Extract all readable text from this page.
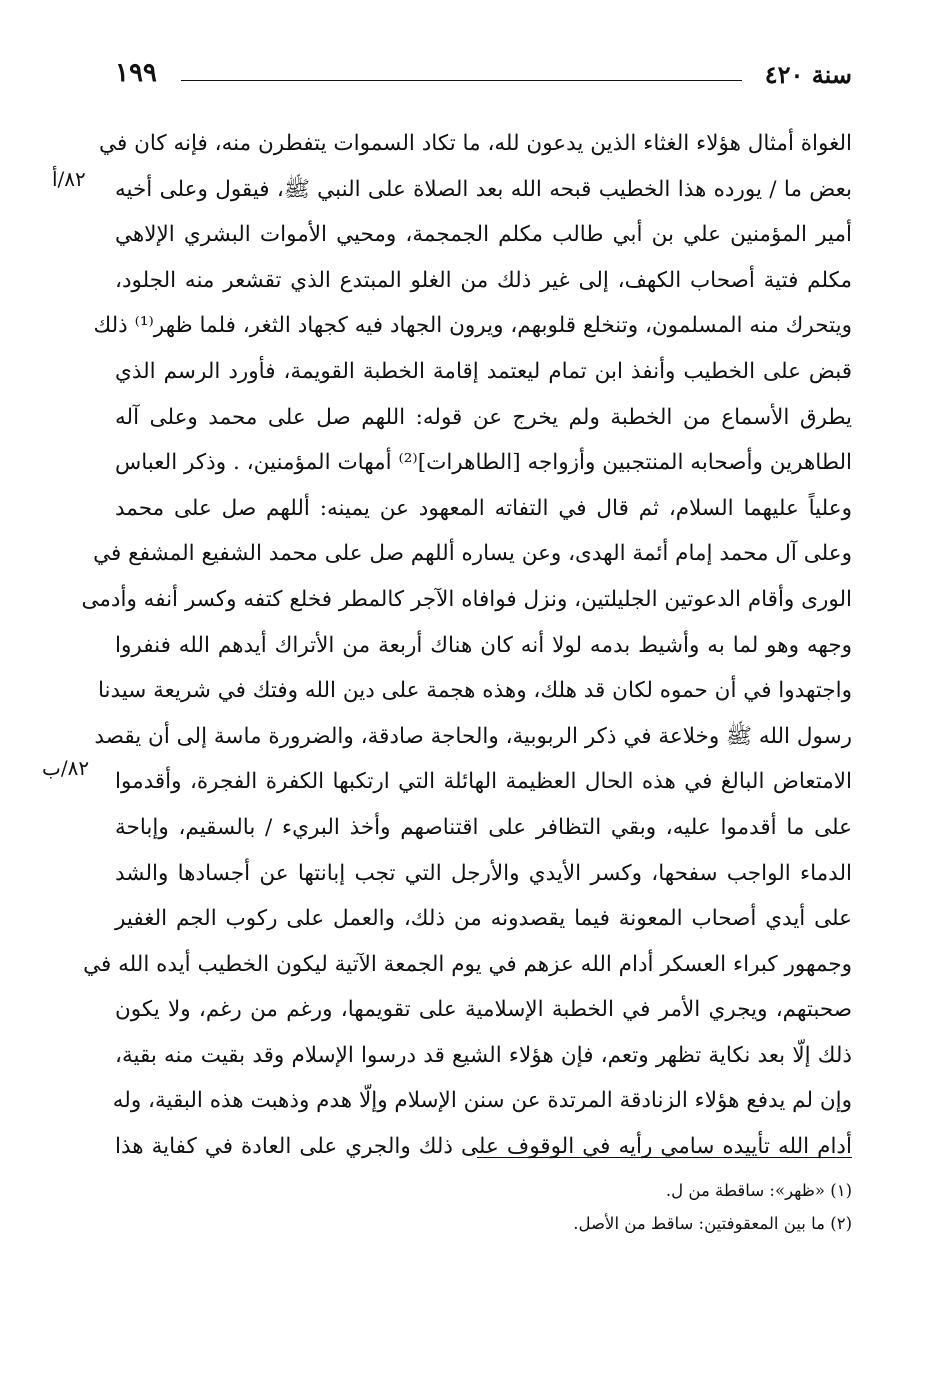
١٩٩	سنة ٤٢٠
٨٢/أ
٨٢/ب
الغواة أمثال هؤلاء الغثاء الذين يدعون لله، ما تكاد السموات يتفطرن منه، فإنه كان في
بعض ما / يورده هذا الخطيب قبحه الله بعد الصلاة على النبي ﷺ، فيقول وعلى أخيه
أمير المؤمنين علي بن أبي طالب مكلم الجمجمة، ومحيي الأموات البشري الإلاهي
مكلم فتية أصحاب الكهف، إلى غير ذلك من الغلو المبتدع الذي تقشعر منه الجلود،
ويتحرك منه المسلمون، وتنخلع قلوبهم، ويرون الجهاد فيه كجهاد الثغر، فلما ظهر⁽¹⁾ ذلك
قبض على الخطيب وأنفذ ابن تمام ليعتمد إقامة الخطبة القويمة، فأورد الرسم الذي
يطرق الأسماع من الخطبة ولم يخرج عن قوله: اللهم صل على محمد وعلى آله
الطاهرين وأصحابه المنتجبين وأزواجه [الطاهرات]⁽²⁾ أمهات المؤمنين، . وذكر العباس
وعلياً عليهما السلام، ثم قال في التفاته المعهود عن يمينه: أللهم صل على محمد
وعلى آل محمد إمام أئمة الهدى، وعن يساره أللهم صل على محمد الشفيع المشفع في
الورى وأقام الدعوتين الجليلتين، ونزل فوافاه الآجر كالمطر فخلع كتفه وكسر أنفه وأدمى
وجهه وهو لما به وأشيط بدمه لولا أنه كان هناك أربعة من الأتراك أيدهم الله فنفروا
واجتهدوا في أن حموه لكان قد هلك، وهذه هجمة على دين الله وفتك في شريعة سيدنا
رسول الله ﷺ وخلاعة في ذكر الربوبية، والحاجة صادقة، والضرورة ماسة إلى أن يقصد
الامتعاض البالغ في هذه الحال العظيمة الهائلة التي ارتكبها الكفرة الفجرة، وأقدموا
على ما أقدموا عليه، وبقي التظافر على اقتناصهم وأخذ البريء / بالسقيم، وإباحة
الدماء الواجب سفحها، وكسر الأيدي والأرجل التي تجب إبانتها عن أجسادها والشد
على أيدي أصحاب المعونة فيما يقصدونه من ذلك، والعمل على ركوب الجم الغفير
وجمهور كبراء العسكر أدام الله عزهم في يوم الجمعة الآتية ليكون الخطيب أيده الله في
صحبتهم، ويجري الأمر في الخطبة الإسلامية على تقويمها، ورغم من رغم، ولا يكون
ذلك إلّا بعد نكاية تظهر وتعم، فإن هؤلاء الشيع قد درسوا الإسلام وقد بقيت منه بقية،
وإن لم يدفع هؤلاء الزنادقة المرتدة عن سنن الإسلام وإلّا هدم وذهبت هذه البقية، وله
أدام الله تأييده سامي رأيه في الوقوف على ذلك والجري على العادة في كفاية هذا
(١) «ظهر»: ساقطة من ل.
(٢) ما بين المعقوفتين: ساقط من الأصل.
